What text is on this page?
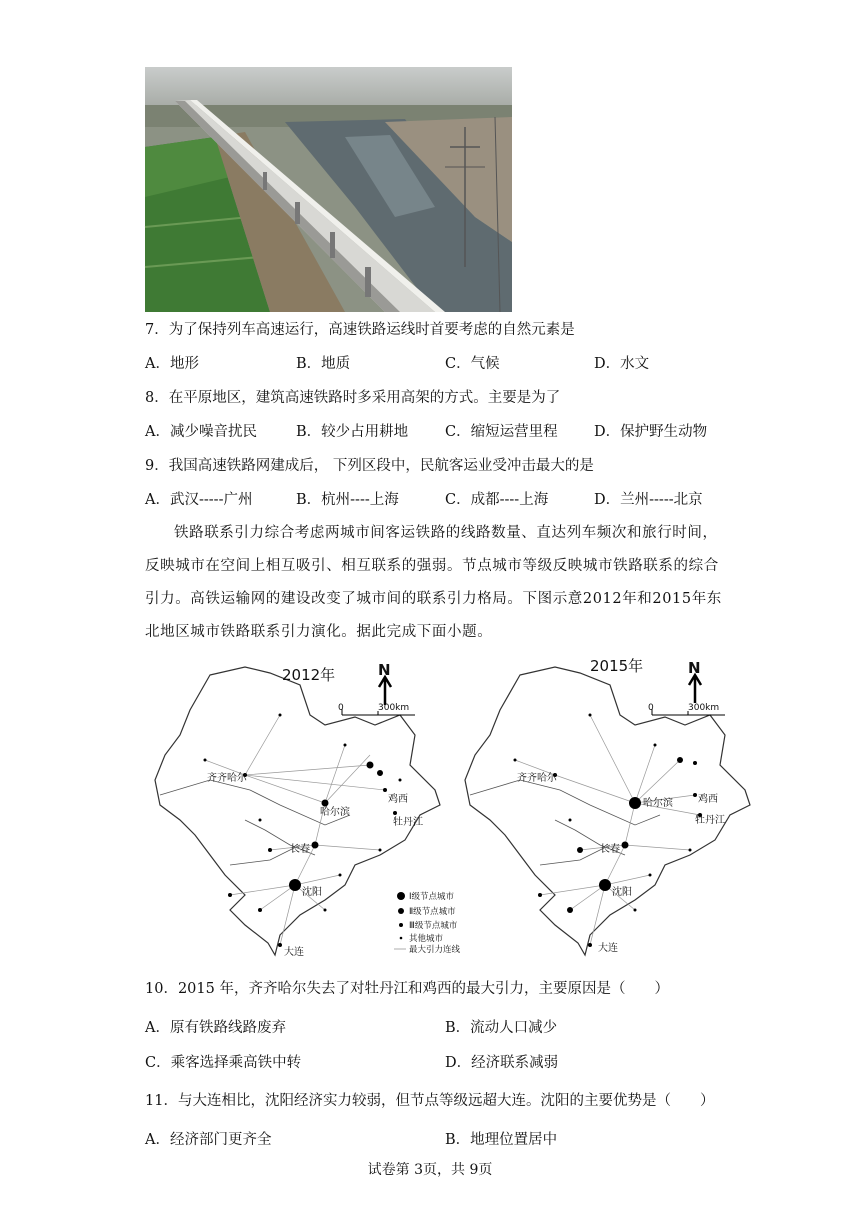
7．为了保持列车高速运行，高速铁路运线时首要考虑的自然元素是
A．地形	B．地质	C．气候	D．水文
8．在平原地区，建筑高速铁路时多采用高架的方式。主要是为了
A．减少噪音扰民	B．较少占用耕地	C．缩短运营里程	D．保护野生动物
9．我国高速铁路网建成后， 下列区段中，民航客运业受冲击最大的是
A．武汉-----广州	B．杭州----上海	C．成都----上海	D．兰州-----北京

铁路联系引力综合考虑两城市间客运铁路的线路数量、直达列车频次和旅行时间，

反映城市在空间上相互吸引、相互联系的强弱。节点城市等级反映城市铁路联系的综合
引力。高铁运输网的建设改变了城市间的联系引力格局。下图示意2012年和2015年东
北地区城市铁路联系引力演化。据此完成下面小题。
2012年	N
0	300km
齐齐哈尔
哈尔滨
鸡西
牡丹江
长春
沈阳
大连
Ⅰ级节点城市
Ⅱ级节点城市
Ⅲ级节点城市
其他城市
最大引力连线
2015年	N
0	300km
齐齐哈尔
哈尔滨	鸡西
牡丹江
长春
沈阳
大连
10．2015 年，齐齐哈尔失去了对牡丹江和鸡西的最大引力，主要原因是（　　）
A．原有铁路线路废弃	B．流动人口减少
C．乘客选择乘高铁中转	D．经济联系减弱
11．与大连相比，沈阳经济实力较弱，但节点等级远超大连。沈阳的主要优势是（　　）
A．经济部门更齐全	B．地理位置居中
试卷第 3页，共 9页
